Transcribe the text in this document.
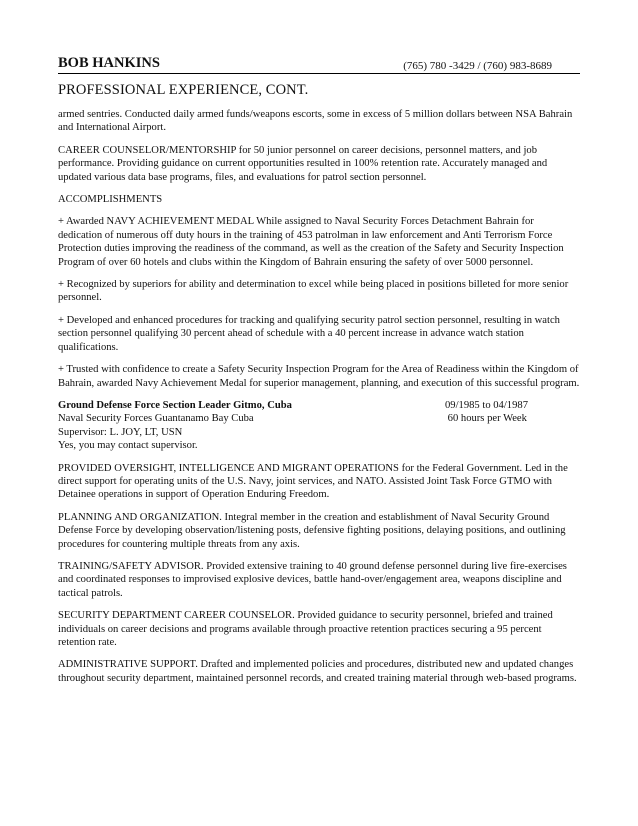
BOB HANKINS	(765) 780 -3429 / (760) 983-8689
PROFESSIONAL EXPERIENCE, CONT.

armed sentries. Conducted daily armed funds/weapons escorts, some in excess of 5 million dollars between NSA Bahrain and International Airport.

CAREER COUNSELOR/MENTORSHIP for 50 junior personnel on career decisions, personnel matters, and job performance. Providing guidance on current opportunities resulted in 100% retention rate. Accurately managed and updated various data base programs, files, and evaluations for patrol section personnel.

ACCOMPLISHMENTS

+ Awarded NAVY ACHIEVEMENT MEDAL While assigned to Naval Security Forces Detachment Bahrain for dedication of numerous off duty hours in the training of 453 patrolman in law enforcement and Anti Terrorism Force Protection duties improving the readiness of the command, as well as the creation of the Safety and Security Inspection Program of over 60 hotels and clubs within the Kingdom of Bahrain ensuring the safety of over 5000 personnel.

+ Recognized by superiors for ability and determination to excel while being placed in positions billeted for more senior personnel.

+ Developed and enhanced procedures for tracking and qualifying security patrol section personnel, resulting in watch section personnel qualifying 30 percent ahead of schedule with a 40 percent increase in advance watch station qualifications.

+ Trusted with confidence to create a Safety Security Inspection Program for the Area of Readiness within the Kingdom of Bahrain, awarded Navy Achievement Medal for superior management, planning, and execution of this successful program.

Ground Defense Force Section Leader Gitmo, Cuba	09/1985 to 04/1987
Naval Security Forces Guantanamo Bay Cuba	60 hours per Week
Supervisor: L. JOY, LT, USN
Yes, you may contact supervisor.

PROVIDED OVERSIGHT, INTELLIGENCE AND MIGRANT OPERATIONS for the Federal Government. Led in the direct support for operating units of the U.S. Navy, joint services, and NATO. Assisted Joint Task Force GTMO with Detainee operations in support of Operation Enduring Freedom.

PLANNING AND ORGANIZATION. Integral member in the creation and establishment of Naval Security Ground Defense Force by developing observation/listening posts, defensive fighting positions, delaying positions, and outlining procedures for countering multiple threats from any axis.

TRAINING/SAFETY ADVISOR. Provided extensive training to 40 ground defense personnel during live fire-exercises and coordinated responses to improvised explosive devices, battle hand-over/engagement area, weapons discipline and tactical patrols.

SECURITY DEPARTMENT CAREER COUNSELOR. Provided guidance to security personnel, briefed and trained individuals on career decisions and programs available through proactive retention practices securing a 95 percent retention rate.

ADMINISTRATIVE SUPPORT. Drafted and implemented policies and procedures, distributed new and updated changes throughout security department, maintained personnel records, and created training material through web-based programs.
